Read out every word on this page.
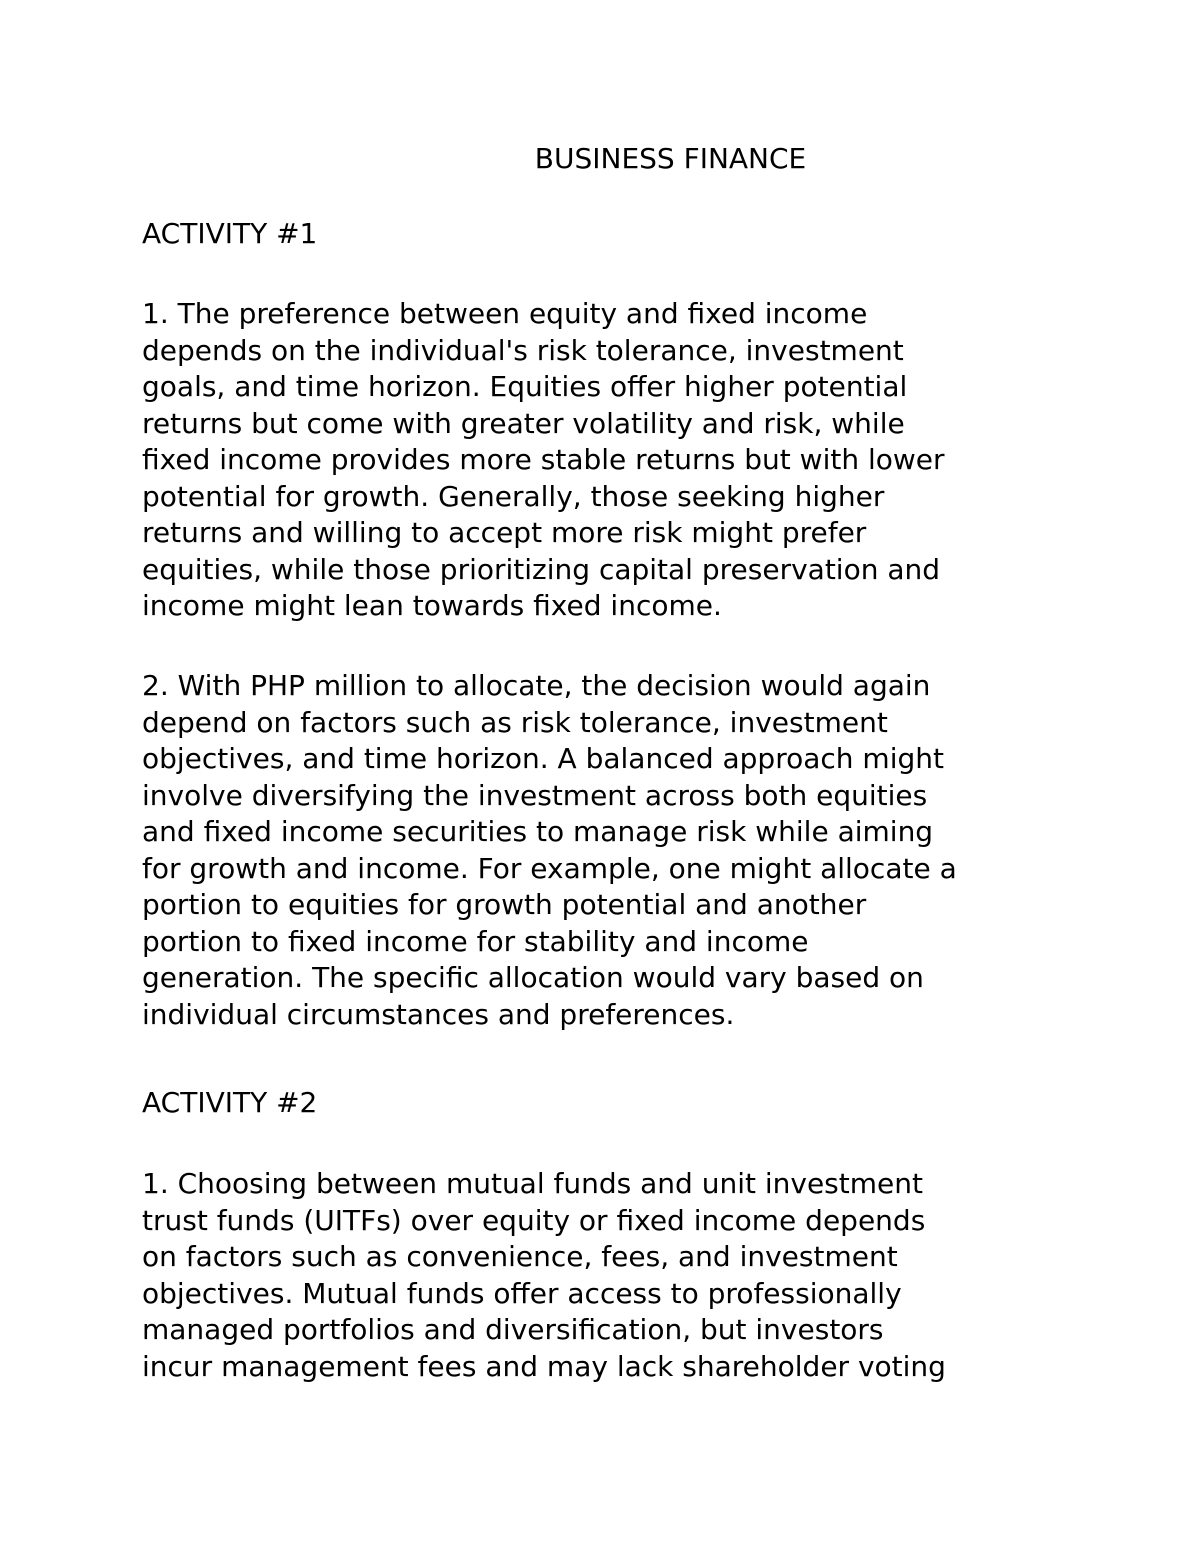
BUSINESS FINANCE
ACTIVITY #1
1. The preference between equity and fixed income
depends on the individual's risk tolerance, investment
goals, and time horizon. Equities offer higher potential
returns but come with greater volatility and risk, while
fixed income provides more stable returns but with lower
potential for growth. Generally, those seeking higher
returns and willing to accept more risk might prefer
equities, while those prioritizing capital preservation and
income might lean towards fixed income.
2. With PHP million to allocate, the decision would again
depend on factors such as risk tolerance, investment
objectives, and time horizon. A balanced approach might
involve diversifying the investment across both equities
and fixed income securities to manage risk while aiming
for growth and income. For example, one might allocate a
portion to equities for growth potential and another
portion to fixed income for stability and income
generation. The specific allocation would vary based on
individual circumstances and preferences.
ACTIVITY #2
1. Choosing between mutual funds and unit investment
trust funds (UITFs) over equity or fixed income depends
on factors such as convenience, fees, and investment
objectives. Mutual funds offer access to professionally
managed portfolios and diversification, but investors
incur management fees and may lack shareholder voting
